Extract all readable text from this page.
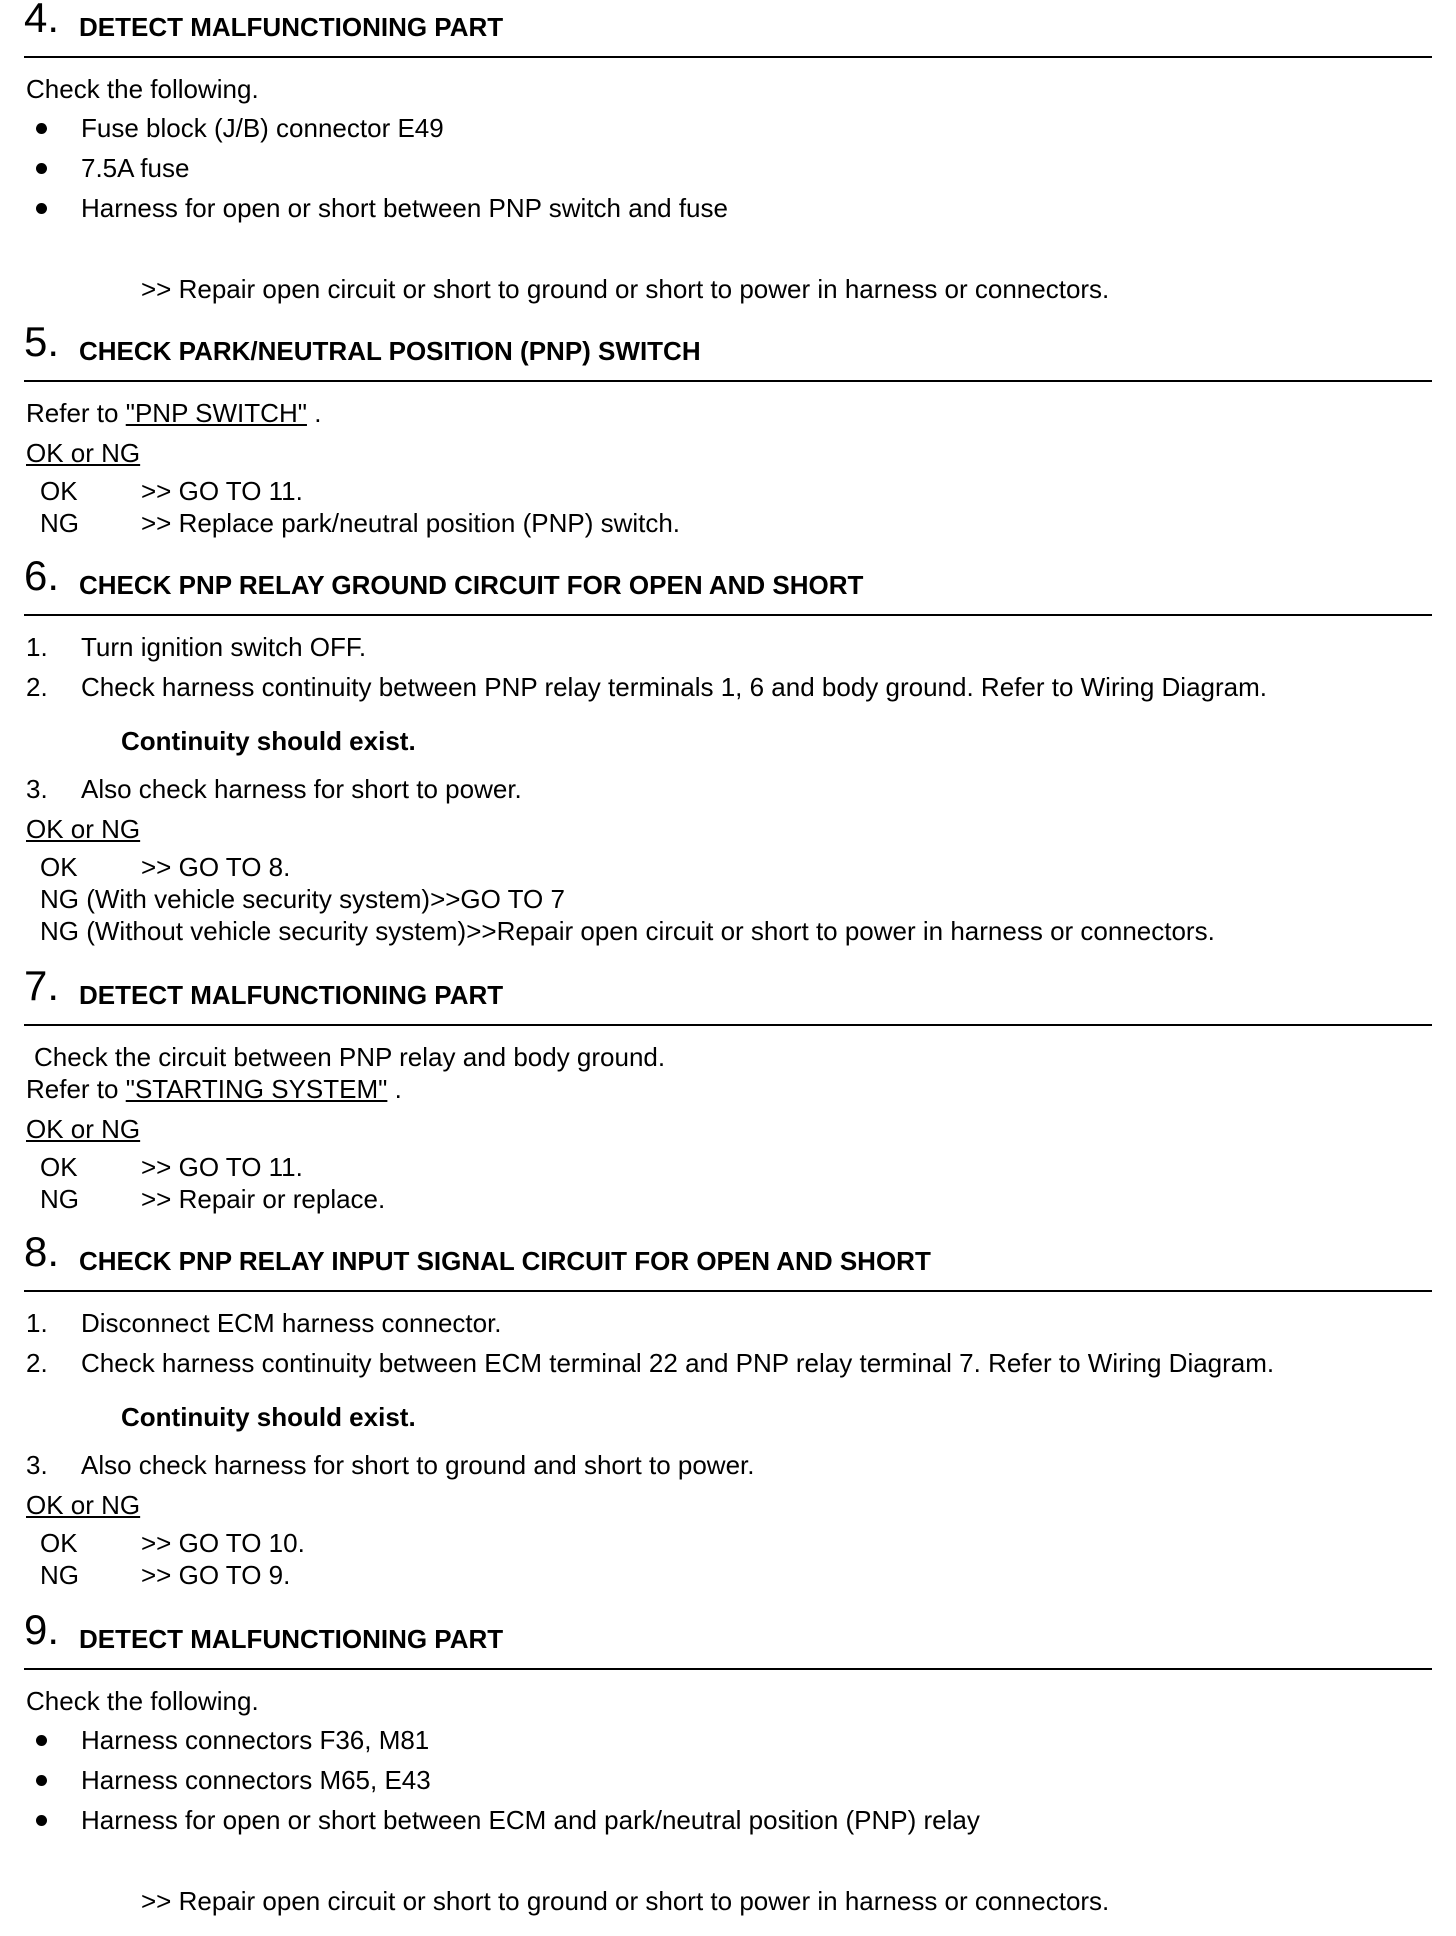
4. DETECT MALFUNCTIONING PART
Check the following.
Fuse block (J/B) connector E49
7.5A fuse
Harness for open or short between PNP switch and fuse
>> Repair open circuit or short to ground or short to power in harness or connectors.
5. CHECK PARK/NEUTRAL POSITION (PNP) SWITCH
Refer to "PNP SWITCH" .
OK or NG
OK >> GO TO 11.
NG >> Replace park/neutral position (PNP) switch.
6. CHECK PNP RELAY GROUND CIRCUIT FOR OPEN AND SHORT
1. Turn ignition switch OFF.
2. Check harness continuity between PNP relay terminals 1, 6 and body ground. Refer to Wiring Diagram.
Continuity should exist.
3. Also check harness for short to power.
OK or NG
OK >> GO TO 8.
NG (With vehicle security system)>>GO TO 7
NG (Without vehicle security system)>>Repair open circuit or short to power in harness or connectors.
7. DETECT MALFUNCTIONING PART
Check the circuit between PNP relay and body ground.
Refer to "STARTING SYSTEM" .
OK or NG
OK >> GO TO 11.
NG >> Repair or replace.
8. CHECK PNP RELAY INPUT SIGNAL CIRCUIT FOR OPEN AND SHORT
1. Disconnect ECM harness connector.
2. Check harness continuity between ECM terminal 22 and PNP relay terminal 7. Refer to Wiring Diagram.
Continuity should exist.
3. Also check harness for short to ground and short to power.
OK or NG
OK >> GO TO 10.
NG >> GO TO 9.
9. DETECT MALFUNCTIONING PART
Check the following.
Harness connectors F36, M81
Harness connectors M65, E43
Harness for open or short between ECM and park/neutral position (PNP) relay
>> Repair open circuit or short to ground or short to power in harness or connectors.
